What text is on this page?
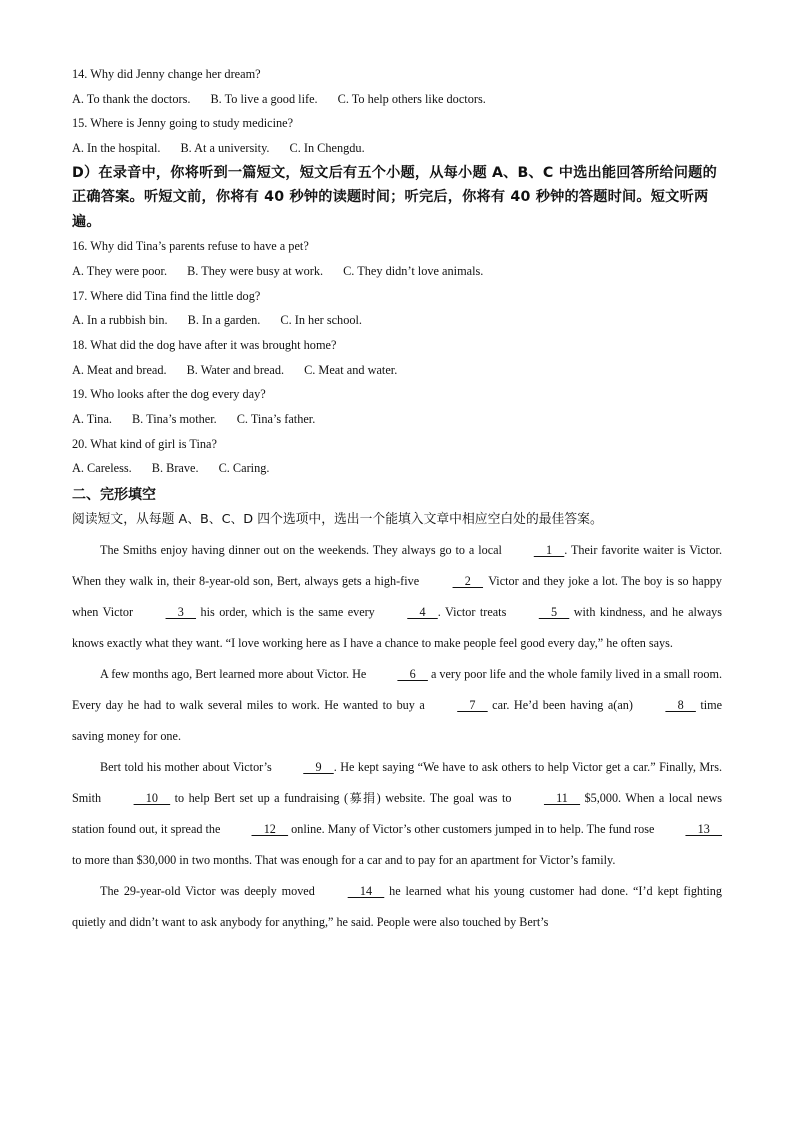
14. Why did Jenny change her dream?
A. To thank the doctors. B. To live a good life. C. To help others like doctors.
15. Where is Jenny going to study medicine?
A. In the hospital. B. At a university. C. In Chengdu.
D）在录音中，你将听到一篇短文，短文后有五个小题，从每小题 A、B、C 中选出能回答所给问题的正确答案。听短文前，你将有 40 秒钟的读题时间；听完后，你将有 40 秒钟的答题时间。短文听两遍。
16. Why did Tina’s parents refuse to have a pet?
A. They were poor. B. They were busy at work. C. They didn’t love animals.
17. Where did Tina find the little dog?
A. In a rubbish bin. B. In a garden. C. In her school.
18. What did the dog have after it was brought home?
A. Meat and bread. B. Water and bread. C. Meat and water.
19. Who looks after the dog every day?
A. Tina. B. Tina’s mother. C. Tina’s father.
20. What kind of girl is Tina?
A. Careless. B. Brave. C. Caring.
二、完形填空
阅读短文，从每题 A、B、C、D 四个选项中，选出一个能填入文章中相应空白处的最佳答案。
The Smiths enjoy having dinner out on the weekends. They always go to a local     1    . Their favorite waiter is Victor. When they walk in, their 8-year-old son, Bert, always gets a high-five     2     Victor and they joke a lot. The boy is so happy when Victor     3     his order, which is the same every     4    . Victor treats     5     with kindness, and he always knows exactly what they want. “I love working here as I have a chance to make people feel good every day,” he often says.
A few months ago, Bert learned more about Victor. He     6     a very poor life and the whole family lived in a small room. Every day he had to walk several miles to work. He wanted to buy a     7     car. He’d been having a(an)     8     time saving money for one.
Bert told his mother about Victor’s     9    . He kept saying “We have to ask others to help Victor get a car.” Finally, Mrs. Smith     10     to help Bert set up a fundraising (募捐) website. The goal was to     11     $5,000. When a local news station found out, it spread the     12     online. Many of Victor’s other customers jumped in to help. The fund rose     13     to more than $30,000 in two months. That was enough for a car and to pay for an apartment for Victor’s family.
The 29-year-old Victor was deeply moved     14     he learned what his young customer had done. “I’d kept fighting quietly and didn’t want to ask anybody for anything,” he said. People were also touched by Bert’s
